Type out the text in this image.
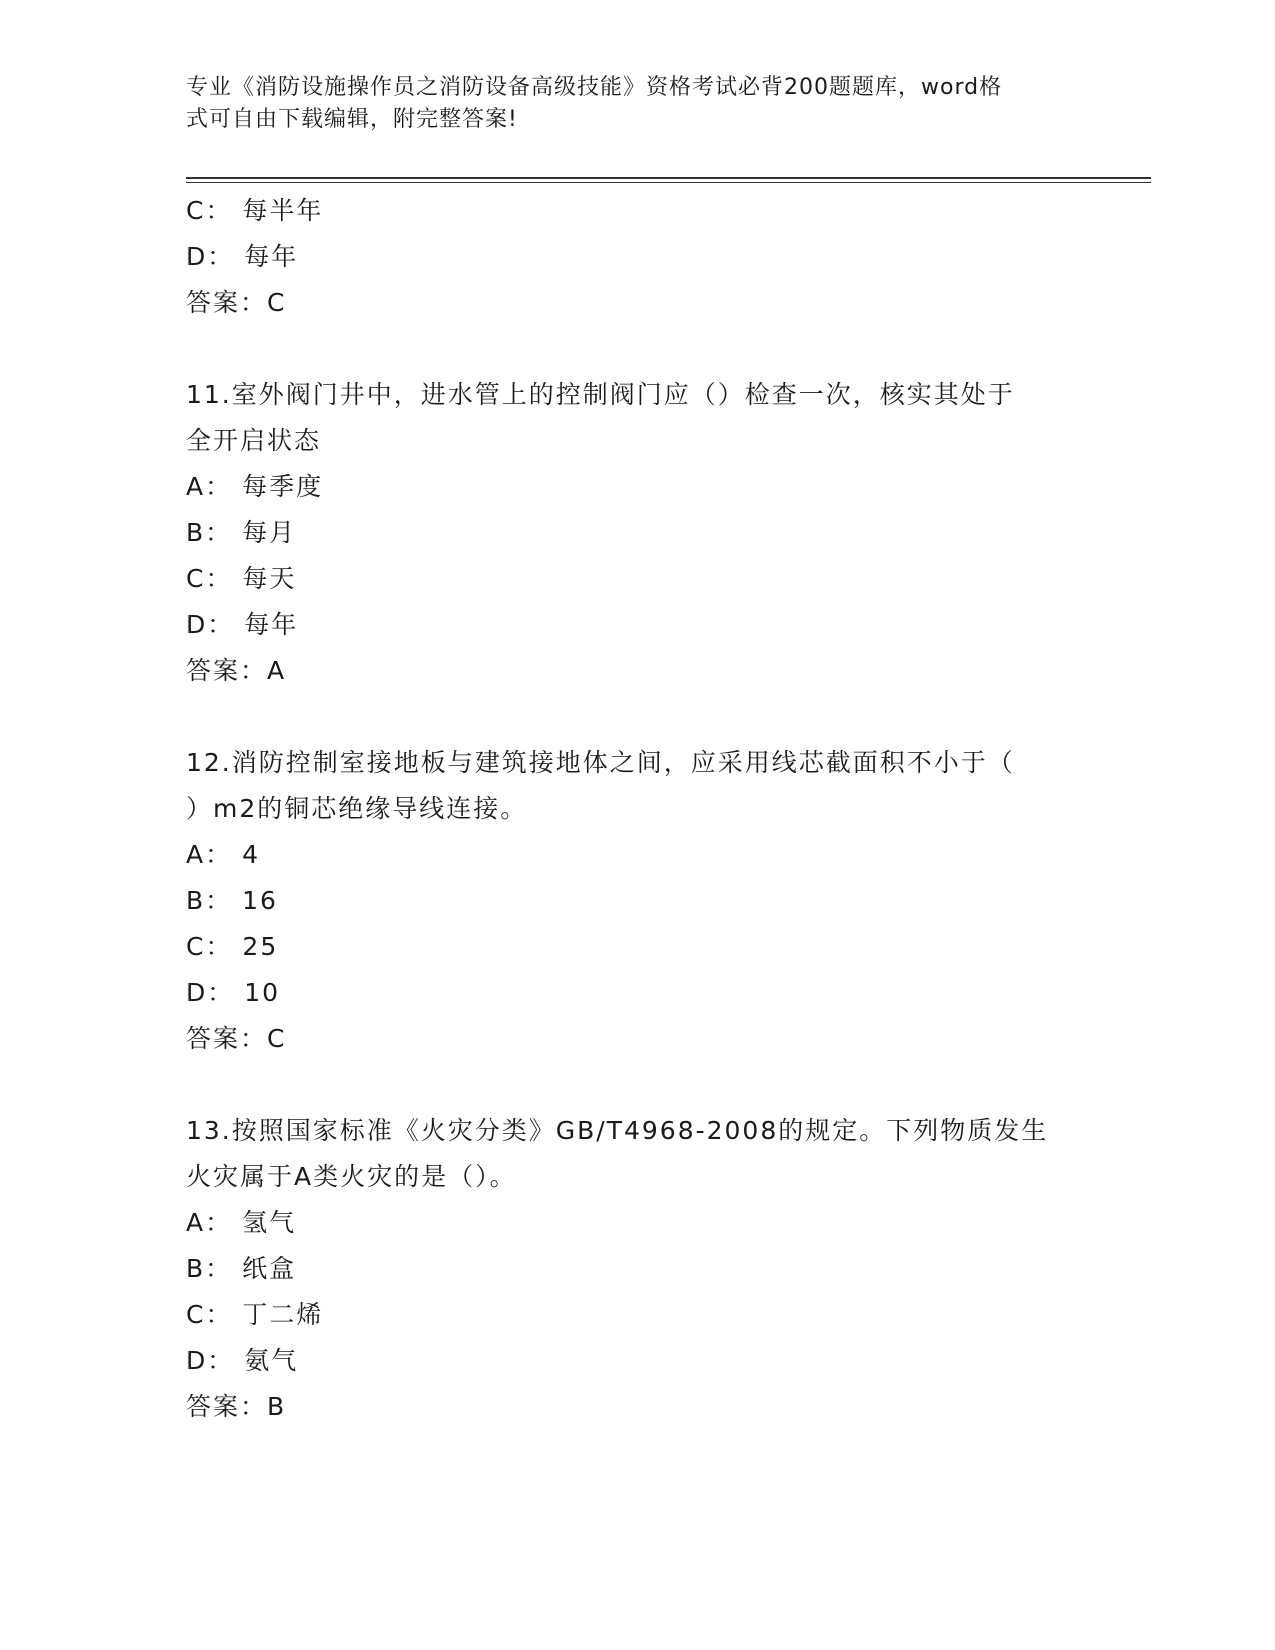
专业《消防设施操作员之消防设备高级技能》资格考试必背200题题库，word格
式可自由下载编辑，附完整答案!
C： 每半年
D： 每年
答案：C
11.室外阀门井中，进水管上的控制阀门应（）检查一次，核实其处于
全开启状态
A： 每季度
B： 每月
C： 每天
D： 每年
答案：A
12.消防控制室接地板与建筑接地体之间，应采用线芯截面积不小于（
）m2的铜芯绝缘导线连接。
A： 4
B： 16
C： 25
D： 10
答案：C
13.按照国家标准《火灾分类》GB/T4968-2008的规定。下列物质发生
火灾属于A类火灾的是（）。
A： 氢气
B： 纸盒
C： 丁二烯
D： 氨气
答案：B
